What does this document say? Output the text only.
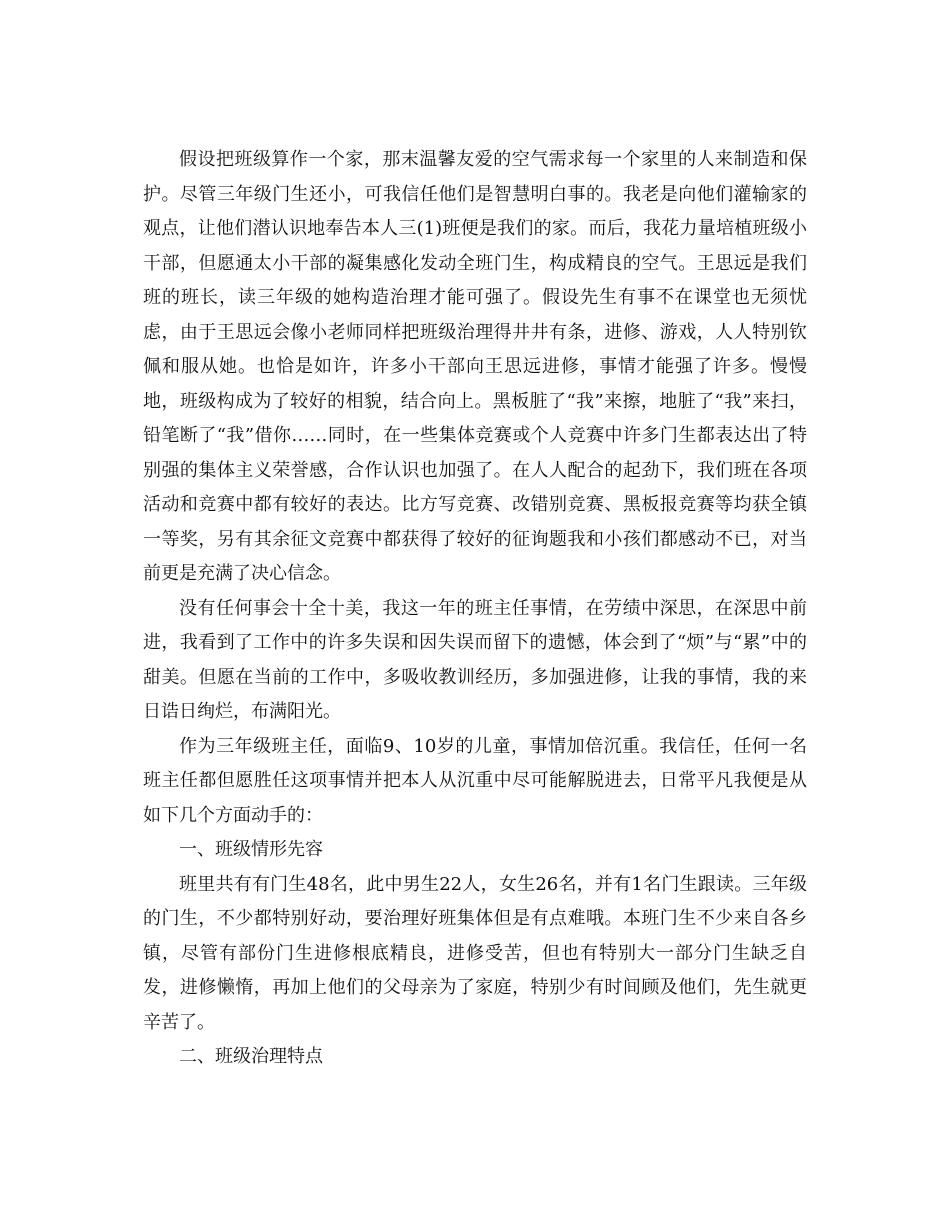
假设把班级算作一个家，那末温馨友爱的空气需求每一个家里的人来制造和保护。尽管三年级门生还小，可我信任他们是智慧明白事的。我老是向他们灌输家的观点，让他们潜认识地奉告本人三(1)班便是我们的家。而后，我花力量培植班级小干部，但愿通太小干部的凝集感化发动全班门生，构成精良的空气。王思远是我们班的班长，读三年级的她构造治理才能可强了。假设先生有事不在课堂也无须忧虑，由于王思远会像小老师同样把班级治理得井井有条，进修、游戏，人人特别钦佩和服从她。也恰是如许，许多小干部向王思远进修，事情才能强了许多。慢慢地，班级构成为了较好的相貌，结合向上。黑板脏了“我”来擦，地脏了“我”来扫，铅笔断了“我”借你……同时，在一些集体竞赛或个人竞赛中许多门生都表达出了特别强的集体主义荣誉感，合作认识也加强了。在人人配合的起劲下，我们班在各项活动和竞赛中都有较好的表达。比方写竞赛、改错别竞赛、黑板报竞赛等均获全镇一等奖，另有其余征文竞赛中都获得了较好的征询题我和小孩们都感动不已，对当前更是充满了决心信念。

没有任何事会十全十美，我这一年的班主任事情，在劳绩中深思，在深思中前进，我看到了工作中的许多失误和因失误而留下的遗憾，体会到了“烦”与“累”中的甜美。但愿在当前的工作中，多吸收教训经历，多加强进修，让我的事情，我的来日诰日绚烂，布满阳光。

作为三年级班主任，面临9、10岁的儿童，事情加倍沉重。我信任，任何一名班主任都但愿胜任这项事情并把本人从沉重中尽可能解脱进去，日常平凡我便是从如下几个方面动手的：

一、班级情形先容

班里共有有门生48名，此中男生22人，女生26名，并有1名门生跟读。三年级的门生，不少都特别好动，要治理好班集体但是有点难哦。本班门生不少来自各乡镇，尽管有部份门生进修根底精良，进修受苦，但也有特别大一部分门生缺乏自发，进修懒惰，再加上他们的父母亲为了家庭，特别少有时间顾及他们，先生就更辛苦了。

二、班级治理特点
